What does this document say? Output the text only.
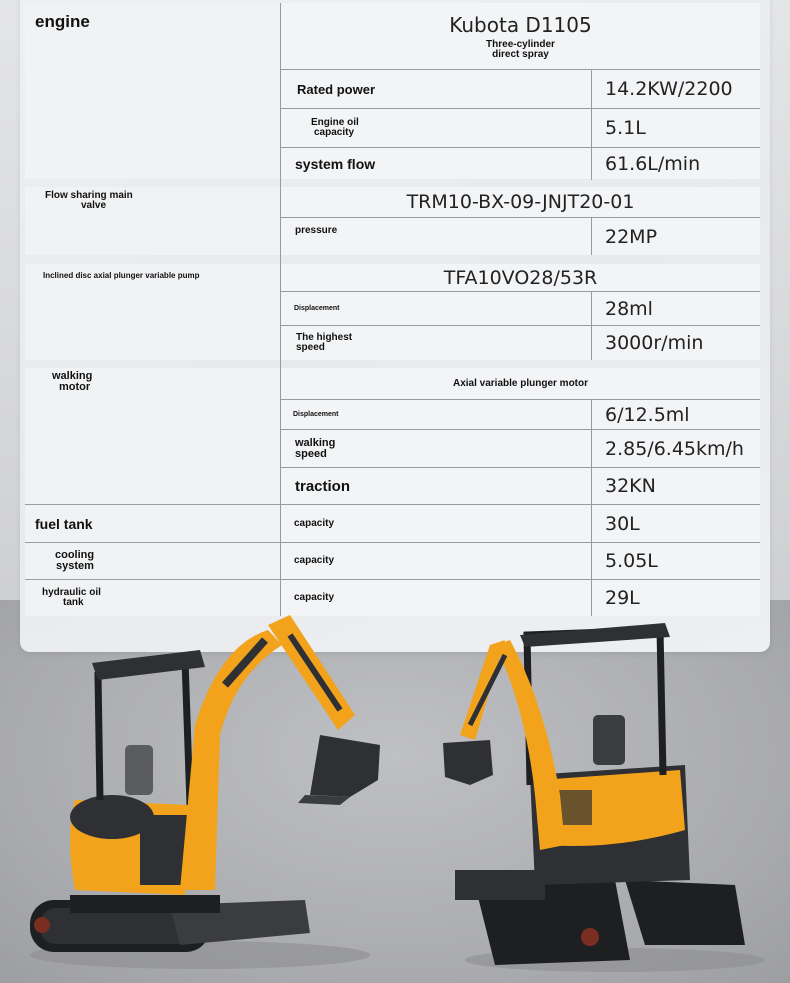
engine	Kubota D1105
Three-cylinder
direct spray
Rated power	14.2KW/2200
Engine oil
capacity	5.1L
system flow	61.6L/min
Flow sharing main
valve	TRM10-BX-09-JNJT20-01
pressure	22MP
Inclined disc axial plunger variable pump	TFA10VO28/53R
Displacement	28ml
The highest
speed	3000r/min
walking
motor	Axial variable plunger motor
Displacement	6/12.5ml
walking
speed	2.85/6.45km/h
traction	32KN
fuel tank	capacity	30L
cooling
system	capacity	5.05L
hydraulic oil
tank	capacity	29L
